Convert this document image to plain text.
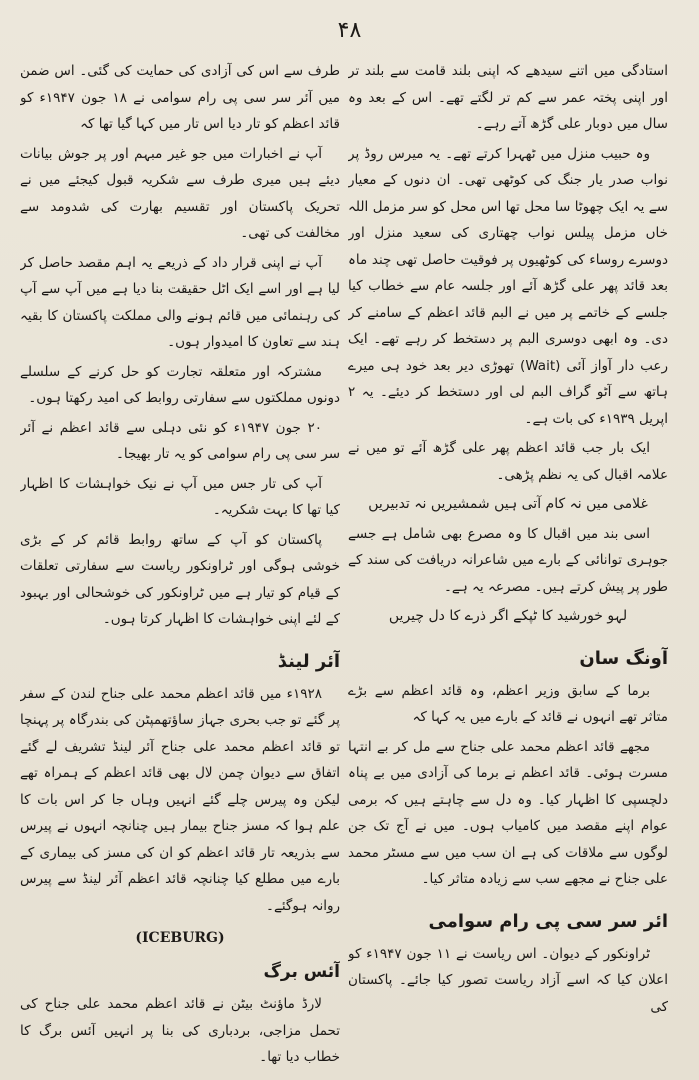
۴۸

استادگی میں اتنے سیدھے کہ اپنی بلند قامت سے بلند تر اور اپنی پختہ عمر سے کم تر لگتے تھے۔ اس کے بعد وہ سال میں دوبار علی گڑھ آتے رہے۔

وہ حبیب منزل میں ٹھہرا کرتے تھے۔ یہ میرس روڈ پر نواب صدر یار جنگ کی کوٹھی تھی۔ ان دنوں کے معیار سے یہ ایک چھوٹا سا محل تھا اس محل کو سر مزمل اللہ خاں مزمل پیلس نواب چھتاری کی سعید منزل اور دوسرے روساء کی کوٹھیوں پر فوقیت حاصل تھی چند ماہ بعد قائد پھر علی گڑھ آئے اور جلسہ عام سے خطاب کیا جلسے کے خاتمے پر میں نے البم قائد اعظم کے سامنے کر دی۔ وہ ابھی دوسری البم پر دستخط کر رہے تھے۔ ایک رعب دار آواز آئی (Wait) تھوڑی دیر بعد خود ہی میرے ہاتھ سے آٹو گراف البم لی اور دستخط کر دیئے۔ یہ ۲ اپریل ۱۹۳۹ء کی بات ہے۔

ایک بار جب قائد اعظم پھر علی گڑھ آئے تو میں نے علامہ اقبال کی یہ نظم پڑھی۔

غلامی میں نہ کام آتی ہیں شمشیریں نہ تدبیریں

اسی بند میں اقبال کا وہ مصرع بھی شامل ہے جسے جوہری توانائی کے بارے میں شاعرانہ دریافت کی سند کے طور پر پیش کرتے ہیں۔ مصرعہ یہ ہے۔

لہو خورشید کا ٹپکے اگر ذرے کا دل چیریں

آونگ سان

برما کے سابق وزیر اعظم، وہ قائد اعظم سے بڑے متاثر تھے انہوں نے قائد کے بارے میں یہ کہا کہ

مجھے قائد اعظم محمد علی جناح سے مل کر بے انتہا مسرت ہوئی۔ قائد اعظم نے برما کی آزادی میں بے پناہ دلچسپی کا اظہار کیا۔ وہ دل سے چاہتے ہیں کہ برمی عوام اپنے مقصد میں کامیاب ہوں۔ میں نے آج تک جن لوگوں سے ملاقات کی ہے ان سب میں سے مسٹر محمد علی جناح نے مجھے سب سے زیادہ متاثر کیا۔

ائر سر سی پی رام سوامی

ٹراونکور کے دیوان۔ اس ریاست نے ۱۱ جون ۱۹۴۷ء کو اعلان کیا کہ اسے آزاد ریاست تصور کیا جائے۔ پاکستان کی

طرف سے اس کی آزادی کی حمایت کی گئی۔ اس ضمن میں آئر سر سی پی رام سوامی نے ۱۸ جون ۱۹۴۷ء کو قائد اعظم کو تار دیا اس تار میں کہا گیا تھا کہ

آپ نے اخبارات میں جو غیر مبہم اور پر جوش بیانات دیئے ہیں میری طرف سے شکریہ قبول کیجئے میں نے تحریک پاکستان اور تقسیم بھارت کی شدومد سے مخالفت کی تھی۔

آپ نے اپنی قرار داد کے ذریعے یہ اہم مقصد حاصل کر لیا ہے اور اسے ایک اٹل حقیقت بنا دیا ہے میں آپ سے آپ کی رہنمائی میں قائم ہونے والی مملکت پاکستان کا بقیہ ہند سے تعاون کا امیدوار ہوں۔

مشترکہ اور متعلقہ تجارت کو حل کرنے کے سلسلے دونوں مملکتوں سے سفارتی روابط کی امید رکھتا ہوں۔

۲۰ جون ۱۹۴۷ء کو نئی دہلی سے قائد اعظم نے آئر سر سی پی رام سوامی کو یہ تار بھیجا۔

آپ کی تار جس میں آپ نے نیک خواہشات کا اظہار کیا تھا کا بہت شکریہ۔

پاکستان کو آپ کے ساتھ روابط قائم کر کے بڑی خوشی ہوگی اور ٹراونکور ریاست سے سفارتی تعلقات کے قیام کو تیار ہے میں ٹراونکور کی خوشحالی اور بہبود کے لئے اپنی خواہشات کا اظہار کرتا ہوں۔

آئر لینڈ

۱۹۲۸ء میں قائد اعظم محمد علی جناح لندن کے سفر پر گئے تو جب بحری جہاز ساؤتھمپٹن کی بندرگاہ پر پہنچا تو قائد اعظم محمد علی جناح آئر لینڈ تشریف لے گئے اتفاق سے دیوان چمن لال بھی قائد اعظم کے ہمراہ تھے لیکن وہ پیرس چلے گئے انہیں وہاں جا کر اس بات کا علم ہوا کہ مسز جناح بیمار ہیں چنانچہ انہوں نے پیرس سے بذریعہ تار قائد اعظم کو ان کی مسز کی بیماری کے بارے میں مطلع کیا چنانچہ قائد اعظم آئر لینڈ سے پیرس روانہ ہوگئے۔

(ICEBURG)
آئس برگ

لارڈ ماؤنٹ بیٹن نے قائد اعظم محمد علی جناح کی تحمل مزاجی، بردباری کی بنا پر انہیں آئس برگ کا خطاب دیا تھا۔
